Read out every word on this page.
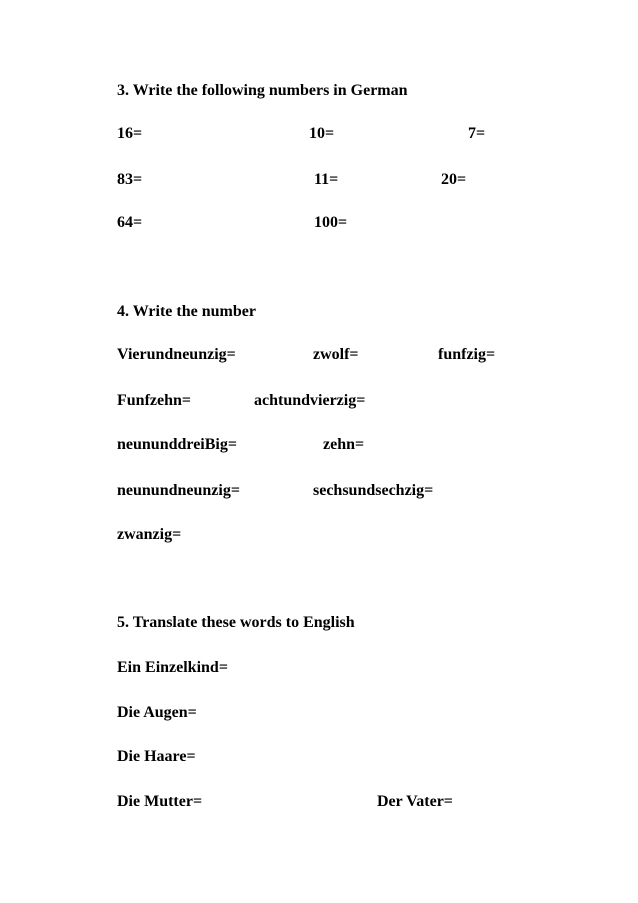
3. Write the following numbers in German
16=	10=	7=
83=	11=	20=
64=	100=
4. Write the number
Vierundneunzig=	zwolf=	funfzig=
Funfzehn=	achtundvierzig=
neununddreiBig=	zehn=
neunundneunzig=	sechsundsechzig=
zwanzig=
5. Translate these words to English
Ein Einzelkind=
Die Augen=
Die Haare=
Die Mutter=	Der Vater=
